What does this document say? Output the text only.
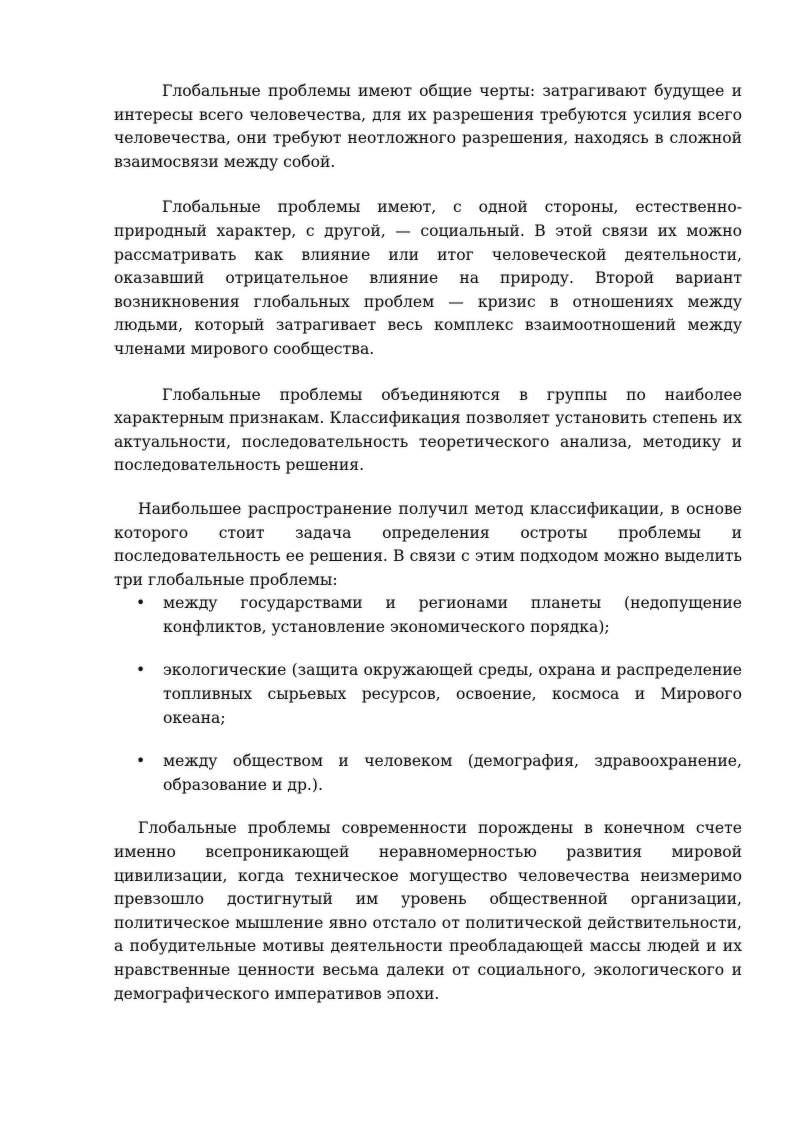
Глобальные проблемы имеют общие черты: затрагивают будущее и интересы всего человечества, для их разрешения требуются усилия всего человечества, они требуют неотложного разрешения, находясь в сложной взаимосвязи между собой.

Глобальные проблемы имеют, с одной стороны, естественно-природный характер, с другой, — социальный. В этой связи их можно рассматривать как влияние или итог человеческой деятельности, оказавший отрицательное влияние на природу. Второй вариант возникновения глобальных проблем — кризис в отношениях между людьми, который затрагивает весь комплекс взаимоотношений между членами мирового сообщества.

Глобальные проблемы объединяются в группы по наиболее характерным признакам. Классификация позволяет установить степень их актуальности, последовательность теоретического анализа, методику и последовательность решения.

Наибольшее распространение получил метод классификации, в основе которого стоит задача определения остроты проблемы и последовательность ее решения. В связи с этим подходом можно выделить три глобальные проблемы:

• между государствами и регионами планеты (недопущение конфликтов, установление экономического порядка);
• экологические (защита окружающей среды, охрана и распределение топливных сырьевых ресурсов, освоение, космоса и Мирового океана;
• между обществом и человеком (демография, здравоохранение, образование и др.).

Глобальные проблемы современности порождены в конечном счете именно всепроникающей неравномерностью развития мировой цивилизации, когда техническое могущество человечества неизмеримо превзошло достигнутый им уровень общественной организации, политическое мышление явно отстало от политической действительности, а побудительные мотивы деятельности преобладающей массы людей и их нравственные ценности весьма далеки от социального, экологического и демографического императивов эпохи.
